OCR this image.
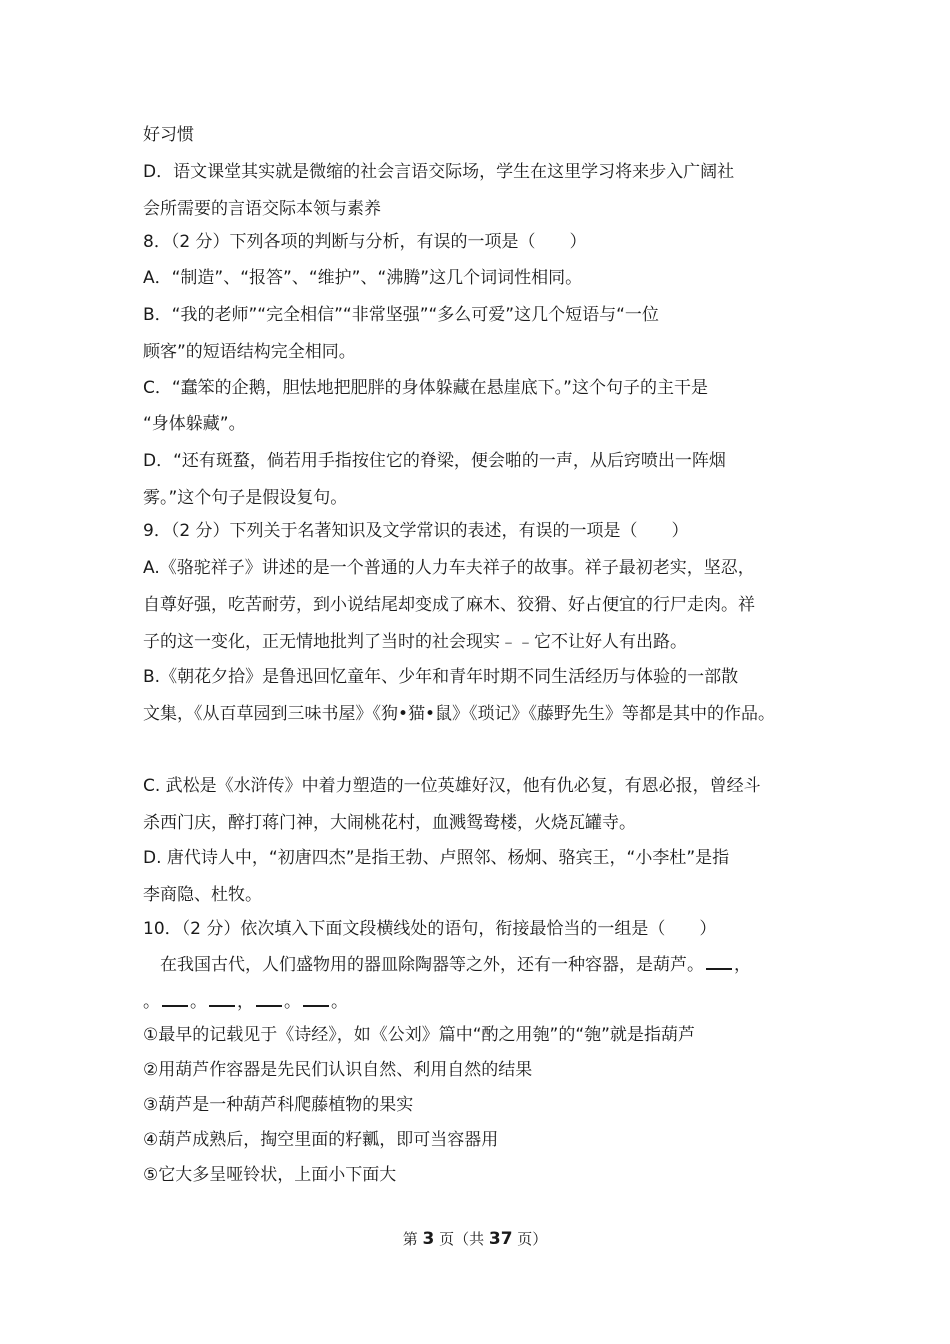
好习惯
D．语文课堂其实就是微缩的社会言语交际场，学生在这里学习将来步入广阔社
会所需要的言语交际本领与素养
8．（2 分）下列各项的判断与分析，有误的一项是（　　）
A．“制造”、“报答”、“维护”、“沸腾”这几个词词性相同。
B．“我的老师”“完全相信”“非常坚强”“多么可爱”这几个短语与“一位
顾客”的短语结构完全相同。
C．“蠢笨的企鹅，胆怯地把肥胖的身体躲藏在悬崖底下。”这个句子的主干是
“身体躲藏”。
D．“还有斑蝥，倘若用手指按住它的脊梁，便会啪的一声，从后窍喷出一阵烟
雾。”这个句子是假设复句。
9．（2 分）下列关于名著知识及文学常识的表述，有误的一项是（　　）
A.《骆驼祥子》讲述的是一个普通的人力车夫祥子的故事。祥子最初老实，坚忍，
自尊好强，吃苦耐劳，到小说结尾却变成了麻木、狡猾、好占便宜的行尸走肉。祥
子的这一变化，正无情地批判了当时的社会现实﹣﹣它不让好人有出路。
B.《朝花夕拾》是鲁迅回忆童年、少年和青年时期不同生活经历与体验的一部散
文集，《从百草园到三味书屋》《狗•猫•鼠》《琐记》《藤野先生》等都是其中的作品。
C. 武松是《水浒传》中着力塑造的一位英雄好汉，他有仇必复，有恩必报，曾经斗
杀西门庆，醉打蒋门神，大闹桃花村，血溅鸳鸯楼，火烧瓦罐寺。
D. 唐代诗人中，“初唐四杰”是指王勃、卢照邻、杨炯、骆宾王，“小李杜”是指
李商隐、杜牧。
10．（2 分）依次填入下面文段横线处的语句，衔接最恰当的一组是（　　）
在我国古代，人们盛物用的器皿除陶器等之外，还有一种容器，是葫芦。 ，
。 。 ， 。 。
①最早的记载见于《诗经》，如《公刘》篇中“酌之用匏”的“匏”就是指葫芦
②用葫芦作容器是先民们认识自然、利用自然的结果
③葫芦是一种葫芦科爬藤植物的果实
④葫芦成熟后，掏空里面的籽瓤，即可当容器用
⑤它大多呈哑铃状，上面小下面大
第 3 页（共 37 页）
